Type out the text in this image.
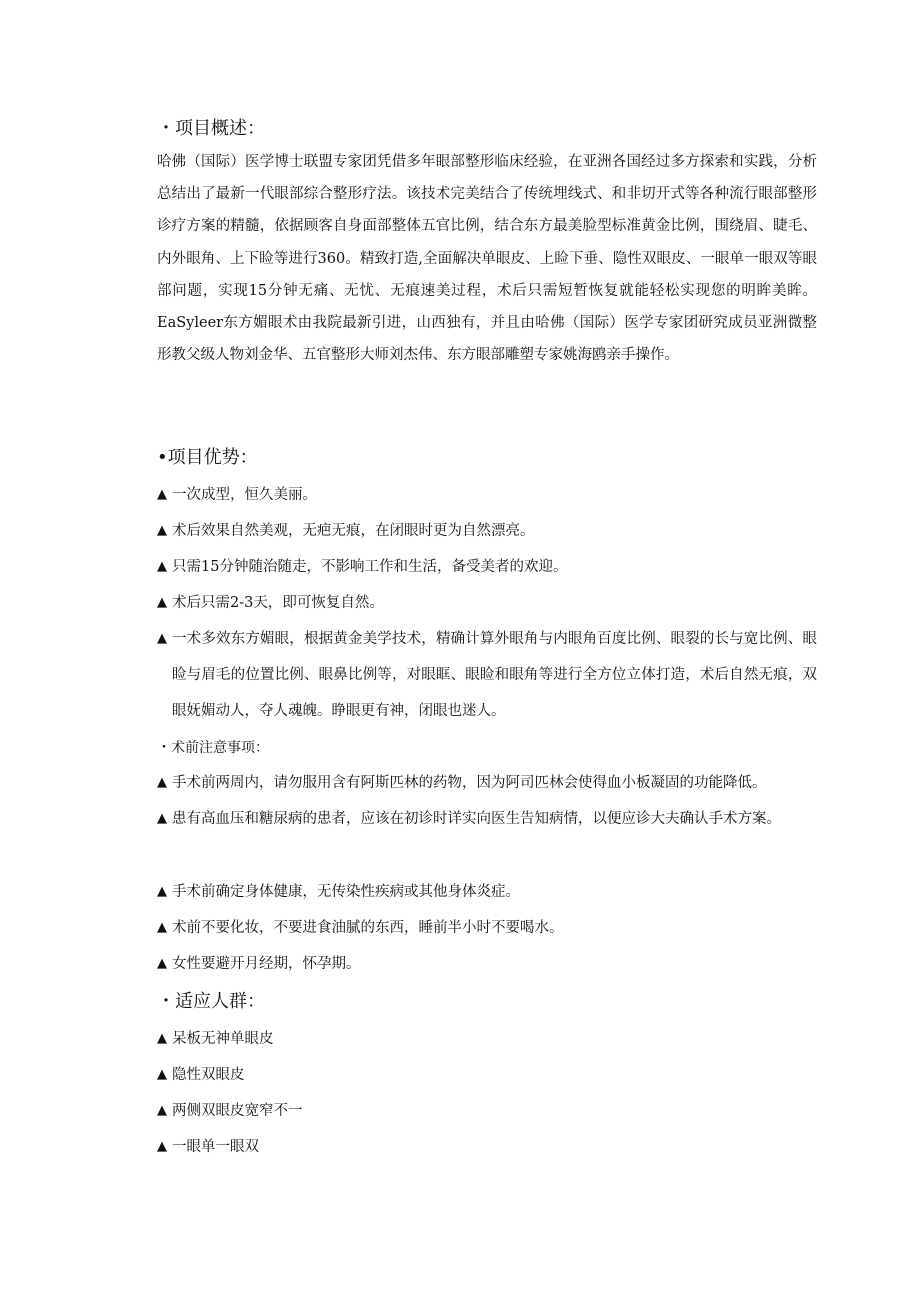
・项目概述：
哈佛（国际）医学博士联盟专家团凭借多年眼部整形临床经验，在亚洲各国经过多方探索和实践，分析总结出了最新一代眼部综合整形疗法。该技术完美结合了传统埋线式、和非切开式等各种流行眼部整形诊疗方案的精髓，依据顾客自身面部整体五官比例，结合东方最美脸型标准黄金比例，围绕眉、睫毛、内外眼角、上下睑等进行360。精致打造,全面解决单眼皮、上睑下垂、隐性双眼皮、一眼单一眼双等眼部问题，实现15分钟无痛、无忧、无痕速美过程，术后只需短暂恢复就能轻松实现您的明眸美眸。EaSyleer东方媚眼术由我院最新引进，山西独有，并且由哈佛（国际）医学专家团研究成员亚洲微整形教父级人物刘金华、五官整形大师刘杰伟、东方眼部雕塑专家姚海鸥亲手操作。
•项目优势：
▲ 一次成型，恒久美丽。
▲ 术后效果自然美观，无疤无痕，在闭眼时更为自然漂亮。
▲ 只需15分钟随治随走，不影响工作和生活，备受美者的欢迎。
▲ 术后只需2-3天，即可恢复自然。
▲ 一术多效东方媚眼，根据黄金美学技术，精确计算外眼角与内眼角百度比例、眼裂的长与宽比例、眼睑与眉毛的位置比例、眼鼻比例等，对眼眶、眼睑和眼角等进行全方位立体打造，术后自然无痕，双眼妩媚动人，夺人魂魄。睁眼更有神，闭眼也迷人。
・术前注意事项：
▲ 手术前两周内，请勿服用含有阿斯匹林的药物，因为阿司匹林会使得血小板凝固的功能降低。
▲ 患有高血压和糖尿病的患者，应该在初诊时详实向医生告知病情，以便应诊大夫确认手术方案。
▲ 手术前确定身体健康，无传染性疾病或其他身体炎症。
▲ 术前不要化妆，不要进食油腻的东西，睡前半小时不要喝水。
▲ 女性要避开月经期，怀孕期。
・适应人群：
▲ 呆板无神单眼皮
▲ 隐性双眼皮
▲ 两侧双眼皮宽窄不一
▲ 一眼单一眼双
